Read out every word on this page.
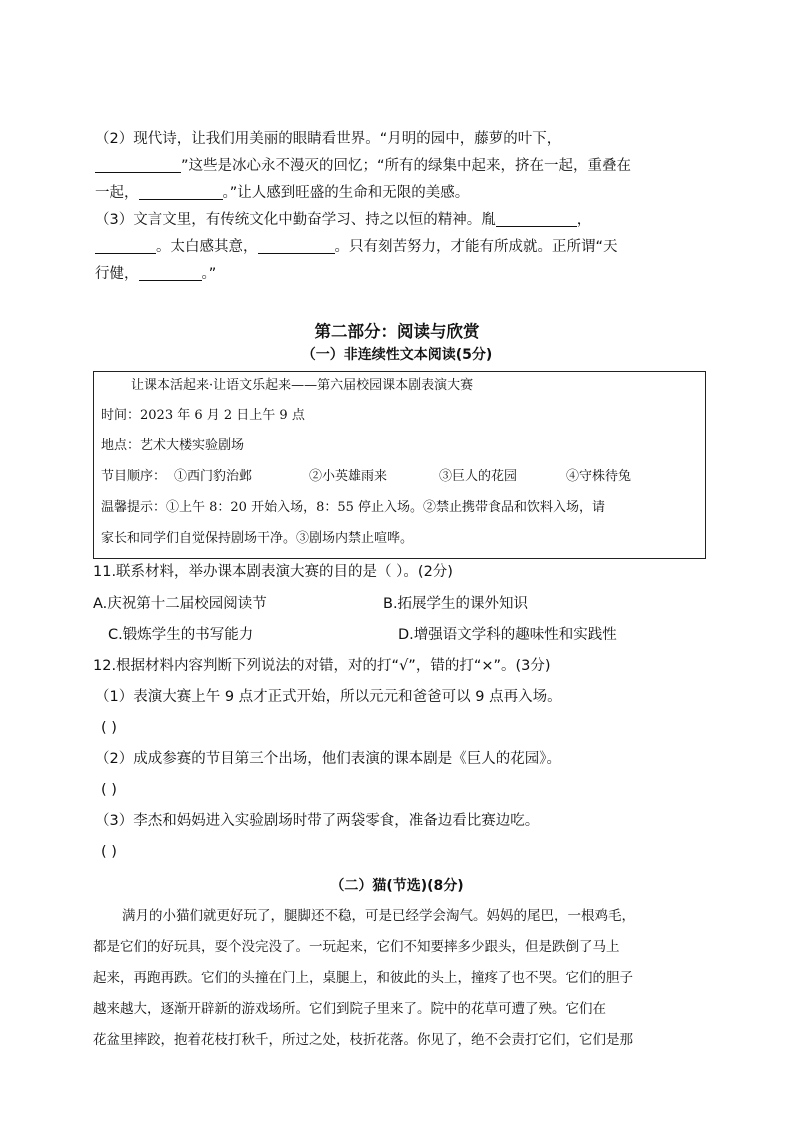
（2）现代诗，让我们用美丽的眼睛看世界。“月明的园中，藤萝的叶下，
”这些是冰心永不漫灭的回忆；“所有的绿集中起来，挤在一起，重叠在
一起，	。”让人感到旺盛的生命和无限的美感。
（3）文言文里，有传统文化中勤奋学习、持之以恒的精神。胤	，
。太白感其意，	。只有刻苦努力，才能有所成就。正所谓“天
行健，	。”
第二部分：阅读与欣赏
（一）非连续性文本阅读(5分)
让课本活起来·让语文乐起来——第六届校园课本剧表演大赛
时间：2023 年 6 月 2 日上午 9 点
地点：艺术大楼实验剧场
节目顺序： ①西门豹治邺	②小英雄雨来	③巨人的花园	④守株待兔
温馨提示：①上午 8：20 开始入场，8：55 停止入场。②禁止携带食品和饮料入场，请
家长和同学们自觉保持剧场干净。③剧场内禁止喧哗。
11.联系材料，举办课本剧表演大赛的目的是（ ）。(2分)
A.庆祝第十二届校园阅读节	B.拓展学生的课外知识
C.锻炼学生的书写能力	D.增强语文学科的趣味性和实践性
12.根据材料内容判断下列说法的对错，对的打“√”，错的打“×”。(3分)
（1）表演大赛上午 9 点才正式开始，所以元元和爸爸可以 9 点再入场。
( )
（2）成成参赛的节目第三个出场，他们表演的课本剧是《巨人的花园》。
( )
（3）李杰和妈妈进入实验剧场时带了两袋零食，准备边看比赛边吃。
( )
（二）猫(节选)(8分)
满月的小猫们就更好玩了，腿脚还不稳，可是已经学会淘气。妈妈的尾巴，一根鸡毛，
都是它们的好玩具，耍个没完没了。一玩起来，它们不知要摔多少跟头，但是跌倒了马上
起来，再跑再跌。它们的头撞在门上，桌腿上，和彼此的头上，撞疼了也不哭。它们的胆子
越来越大，逐渐开辟新的游戏场所。它们到院子里来了。院中的花草可遭了殃。它们在
花盆里摔跤，抱着花枝打秋千，所过之处，枝折花落。你见了，绝不会责打它们，它们是那
